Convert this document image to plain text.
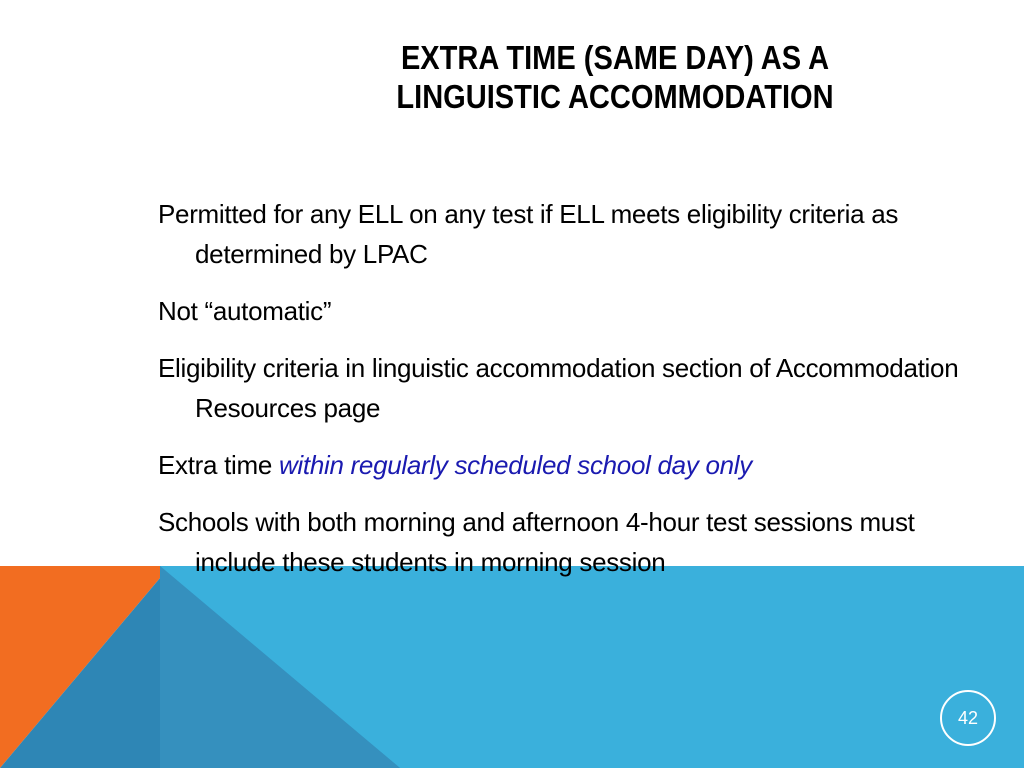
EXTRA TIME (SAME DAY) AS A
LINGUISTIC ACCOMMODATION
Permitted for any ELL on any test if ELL meets eligibility criteria as determined by LPAC
Not “automatic”
Eligibility criteria in linguistic accommodation section of Accommodation Resources page
Extra time within regularly scheduled school day only
Schools with both morning and afternoon 4-hour test sessions must include these students in morning session
42
